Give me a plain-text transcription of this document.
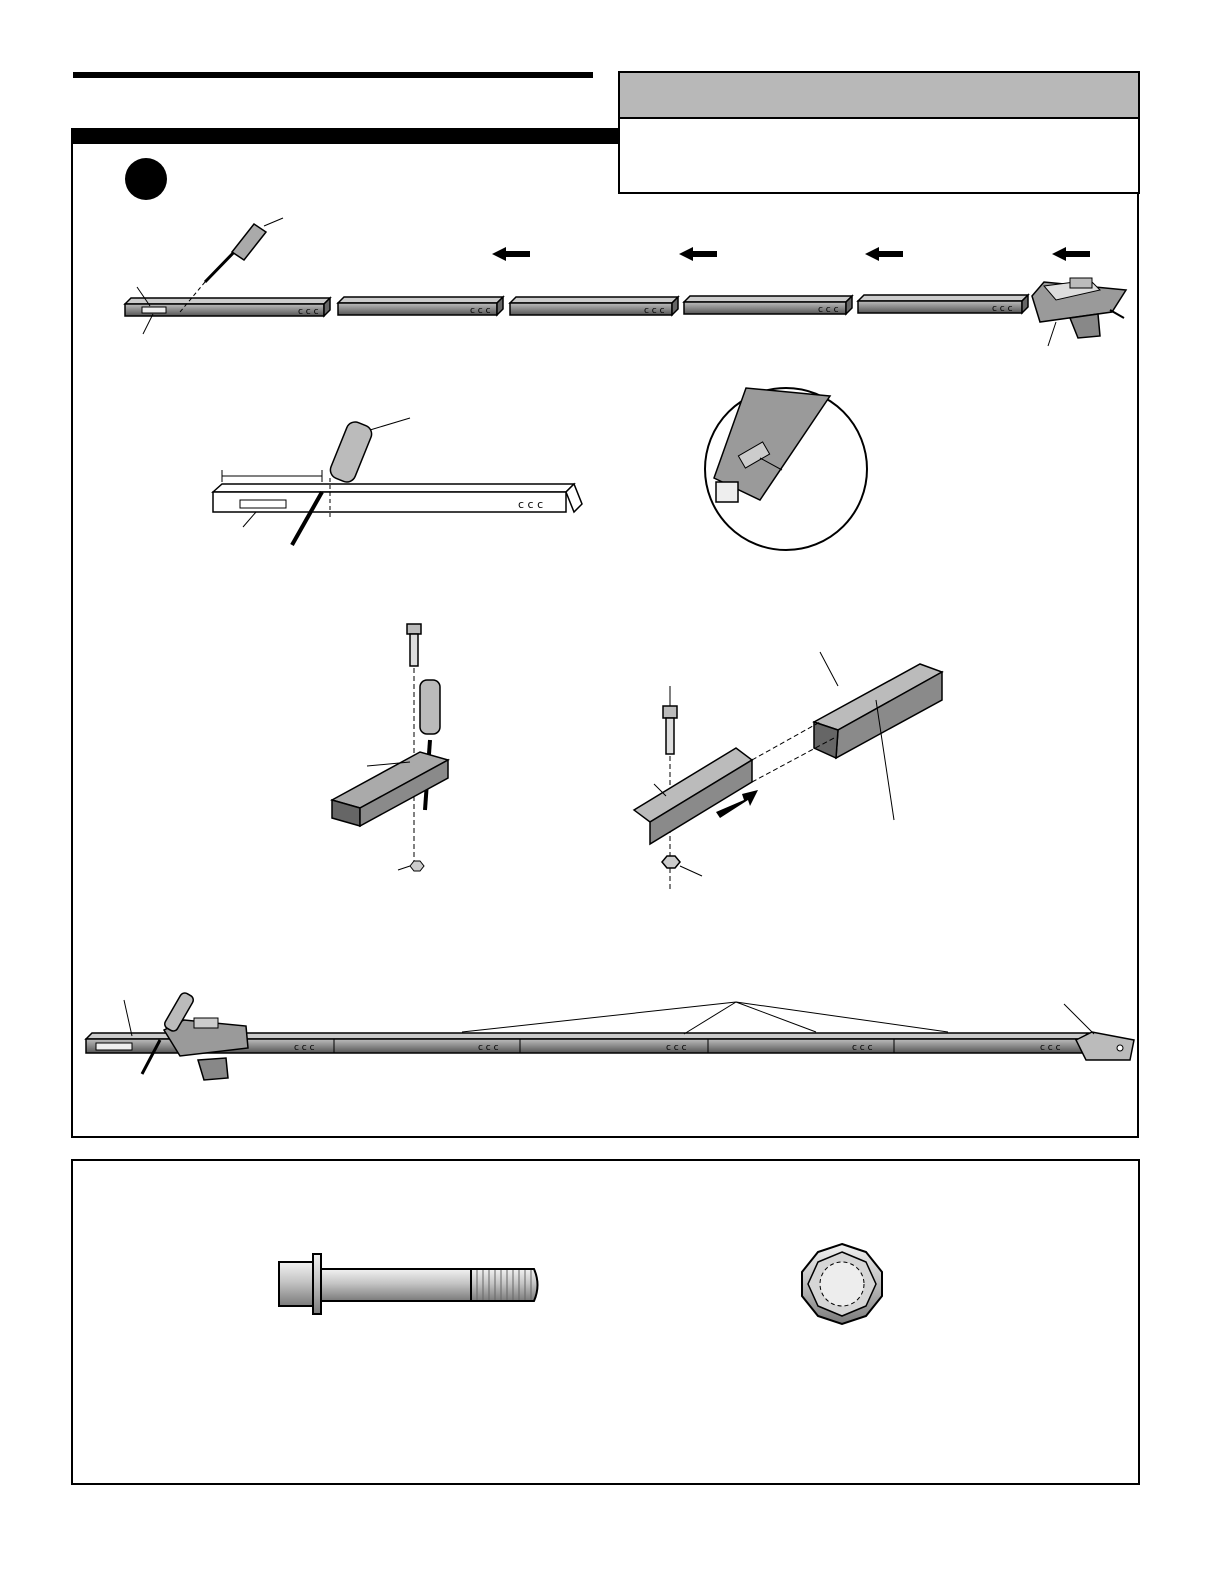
c c c	c c c	c c c	c c c	c c c
c c c
c c c	c c c	c c c	c c c	c c c
